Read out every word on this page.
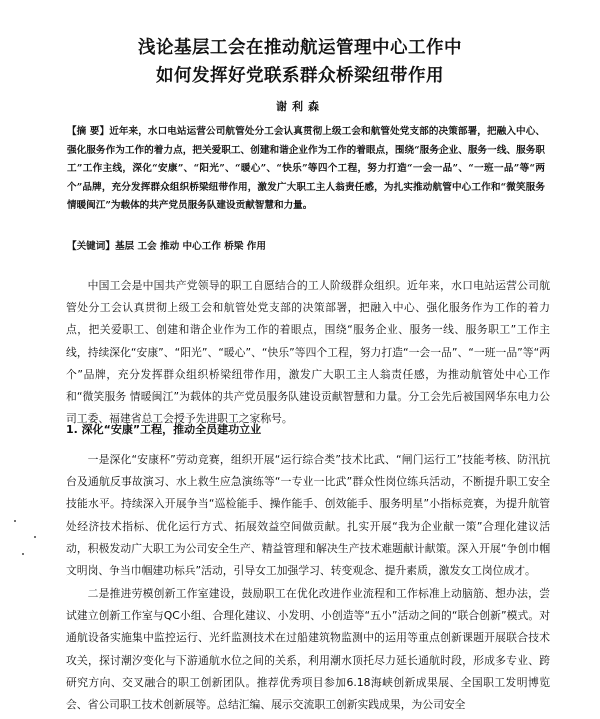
浅论基层工会在推动航运管理中心工作中
如何发挥好党联系群众桥梁纽带作用
谢利森
【摘 要】近年来，水口电站运营公司航管处分工会认真贯彻上级工会和航管处党支部的决策部署，把融入中心、强化服务作为工作的着力点，把关爱职工、创建和谐企业作为工作的着眼点，围绕“服务企业、服务一线、服务职工”工作主线，深化“安康”、“阳光”、“暖心”、“快乐”等四个工程，努力打造“一会一品”、“一班一品”等“两个”品牌，充分发挥群众组织桥梁纽带作用，激发广大职工主人翁责任感，为扎实推动航管中心工作和“微笑服务 情暖闽江”为载体的共产党员服务队建设贡献智慧和力量。
【关键词】基层 工会 推动 中心工作 桥梁 作用
中国工会是中国共产党领导的职工自愿结合的工人阶级群众组织。近年来，水口电站运营公司航管处分工会认真贯彻上级工会和航管处党支部的决策部署，把融入中心、强化服务作为工作的着力点，把关爱职工、创建和谐企业作为工作的着眼点，围绕“服务企业、服务一线、服务职工”工作主线，持续深化“安康”、“阳光”、“暖心”、“快乐”等四个工程，努力打造“一会一品”、“一班一品”等“两个”品牌，充分发挥群众组织桥梁纽带作用，激发广大职工主人翁责任感，为推动航管处中心工作和“微笑服务 情暖闽江”为载体的共产党员服务队建设贡献智慧和力量。分工会先后被国网华东电力公司工委、福建省总工会授予先进职工之家称号。
1. 深化“安康”工程，推动全员建功立业
一是深化“安康杯”劳动竞赛，组织开展“运行综合类”技术比武、“闸门运行工”技能考核、防汛抗台及通航反事故演习、水上救生应急演练等“一专业一比武”群众性岗位练兵活动，不断提升职工安全技能水平。持续深入开展争当“巡检能手、操作能手、创效能手、服务明星”小指标竞赛，为提升航管处经济技术指标、优化运行方式、拓展效益空间做贡献。扎实开展“我为企业献一策”合理化建议活动，积极发动广大职工为公司安全生产、精益管理和解决生产技术难题献计献策。深入开展“争创巾帼文明岗、争当巾帼建功标兵”活动，引导女工加强学习、转变观念、提升素质，激发女工岗位成才。
二是推进劳模创新工作室建设，鼓励职工在优化改进作业流程和工作标准上动脑筋、想办法，尝试建立创新工作室与QC小组、合理化建议、小发明、小创造等“五小”活动之间的“联合创新”模式。对通航设备实施集中监控运行、光纤监测技术在过船建筑物监测中的运用等重点创新课题开展联合技术攻关，探讨潮汐变化与下游通航水位之间的关系，利用潮水顶托尽力延长通航时段，形成多专业、跨研究方向、交叉融合的职工创新团队。推荐优秀项目参加6.18海峡创新成果展、全国职工发明博览会、省公司职工技术创新展等。总结汇编、展示交流职工创新实践成果，为公司安全
